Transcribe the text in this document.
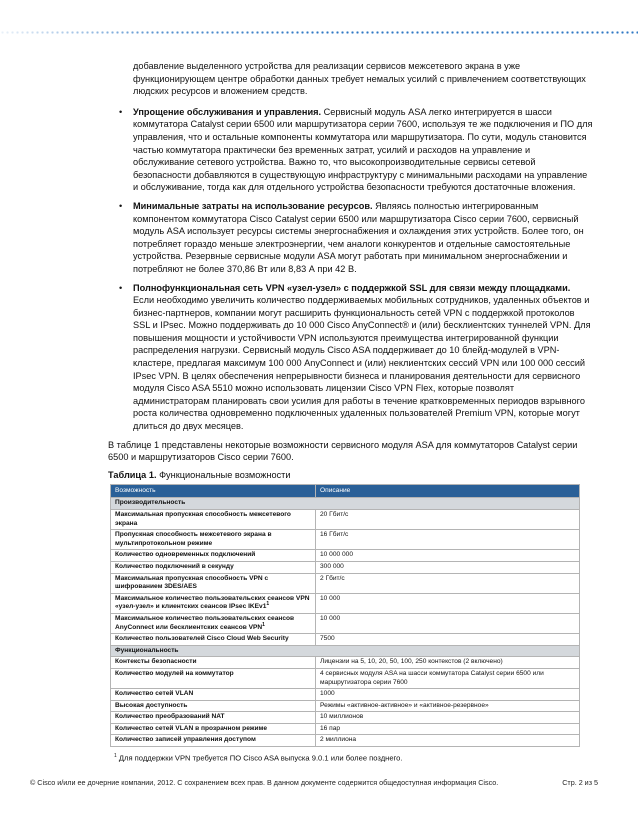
добавление выделенного устройства для реализации сервисов межсетевого экрана в уже функционирующем центре обработки данных требует немалых усилий с привлечением соответствующих людских ресурсов и вложением средств.

• Упрощение обслуживания и управления. Сервисный модуль ASA легко интегрируется в шасси коммутатора Catalyst серии 6500 или маршрутизатора серии 7600, используя те же подключения и ПО для управления, что и остальные компоненты коммутатора или маршрутизатора. По сути, модуль становится частью коммутатора практически без временных затрат, усилий и расходов на управление и обслуживание сетевого устройства. Важно то, что высокопроизводительные сервисы сетевой безопасности добавляются в существующую инфраструктуру с минимальными расходами на управление и обслуживание, тогда как для отдельного устройства безопасности требуются достаточные вложения.
• Минимальные затраты на использование ресурсов. Являясь полностью интегрированным компонентом коммутатора Cisco Catalyst серии 6500 или маршрутизатора Cisco серии 7600, сервисный модуль ASA использует ресурсы системы энергоснабжения и охлаждения этих устройств. Более того, он потребляет гораздо меньше электроэнергии, чем аналоги конкурентов и отдельные самостоятельные устройства. Резервные сервисные модули ASA могут работать при минимальном энергоснабжении и потребляют не более 370,86 Вт или 8,83 А при 42 В.
• Полнофункциональная сеть VPN «узел-узел» с поддержкой SSL для связи между площадками. Если необходимо увеличить количество поддерживаемых мобильных сотрудников, удаленных объектов и бизнес-партнеров, компании могут расширить функциональность сетей VPN с поддержкой протоколов SSL и IPsec. Можно поддерживать до 10 000 Cisco AnyConnect® и (или) бесклиентских туннелей VPN. Для повышения мощности и устойчивости VPN используются преимущества интегрированной функции распределения нагрузки. Сервисный модуль Cisco ASA поддерживает до 10 блейд-модулей в VPN-кластере, предлагая максимум 100 000 AnyConnect и (или) неклиентских сессий VPN или 100 000 сессий IPsec VPN. В целях обеспечения непрерывности бизнеса и планирования деятельности для сервисного модуля Cisco ASA 5510 можно использовать лицензии Cisco VPN Flex, которые позволят администраторам планировать свои усилия для работы в течение кратковременных периодов взрывного роста количества одновременно подключенных удаленных пользователей Premium VPN, которые могут длиться до двух месяцев.

В таблице 1 представлены некоторые возможности сервисного модуля ASA для коммутаторов Catalyst серии 6500 и маршрутизаторов Cisco серии 7600.

Таблица 1. Функциональные возможности

Возможность	Описание
Производительность	
Максимальная пропускная способность межсетевого экрана	20 Гбит/с
Пропускная способность межсетевого экрана в мультипротокольном режиме	16 Гбит/с
Количество одновременных подключений	10 000 000
Количество подключений в секунду	300 000
Максимальная пропускная способность VPN с шифрованием 3DES/AES	2 Гбит/с
Максимальное количество пользовательских сеансов VPN «узел-узел» и клиентских сеансов IPsec IKEv1$^1$	10 000
Максимальное количество пользовательских сеансов AnyConnect или бесклиентских сеансов VPN$^1$	10 000
Количество пользователей Cisco Cloud Web Security	7500
Функциональность	
Контексты безопасности	Лицензии на 5, 10, 20, 50, 100, 250 контекстов (2 включено)
Количество модулей на коммутатор	4 сервисных модуля ASA на шасси коммутатора Catalyst серии 6500 или маршрутизатора серии 7600
Количество сетей VLAN	1000
Высокая доступность	Режимы «активное-активное» и «активное-резервное»
Количество преобразований NAT	10 миллионов
Количество сетей VLAN в прозрачном режиме	16 пар
Количество записей управления доступом	2 миллиона

$^1$ Для поддержки VPN требуется ПО Cisco ASA выпуска 9.0.1 или более позднего.

© Cisco и/или ее дочерние компании, 2012. С сохранением всех прав. В данном документе содержится общедоступная информация Cisco.	Стр. 2 из 5
